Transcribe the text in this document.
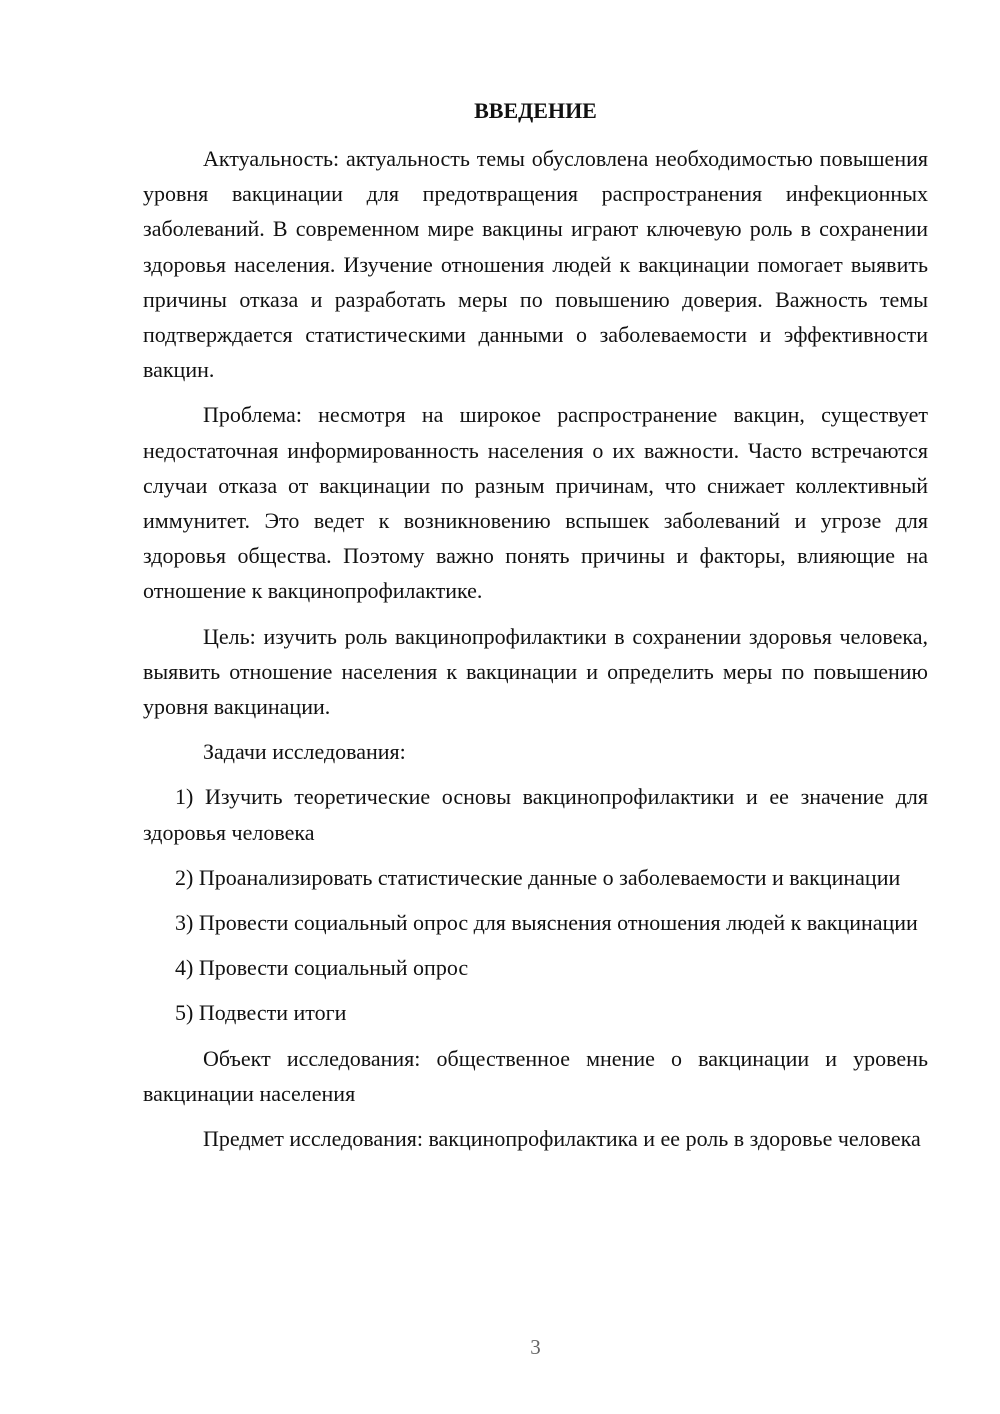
ВВЕДЕНИЕ

Актуальность: актуальность темы обусловлена необходимостью повышения уровня вакцинации для предотвращения распространения инфекционных заболеваний. В современном мире вакцины играют ключевую роль в сохранении здоровья населения. Изучение отношения людей к вакцинации помогает выявить причины отказа и разработать меры по повышению доверия. Важность темы подтверждается статистическими данными о заболеваемости и эффективности вакцин.

Проблема: несмотря на широкое распространение вакцин, существует недостаточная информированность населения о их важности. Часто встречаются случаи отказа от вакцинации по разным причинам, что снижает коллективный иммунитет. Это ведет к возникновению вспышек заболеваний и угрозе для здоровья общества. Поэтому важно понять причины и факторы, влияющие на отношение к вакцинопрофилактике.

Цель: изучить роль вакцинопрофилактики в сохранении здоровья человека, выявить отношение населения к вакцинации и определить меры по повышению уровня вакцинации.

Задачи исследования:

1) Изучить теоретические основы вакцинопрофилактики и ее значение для здоровья человека

2) Проанализировать статистические данные о заболеваемости и вакцинации

3) Провести социальный опрос для выяснения отношения людей к вакцинации

4) Провести социальный опрос

5) Подвести итоги

Объект исследования: общественное мнение о вакцинации и уровень вакцинации населения

Предмет исследования: вакцинопрофилактика и ее роль в здоровье человека

3
